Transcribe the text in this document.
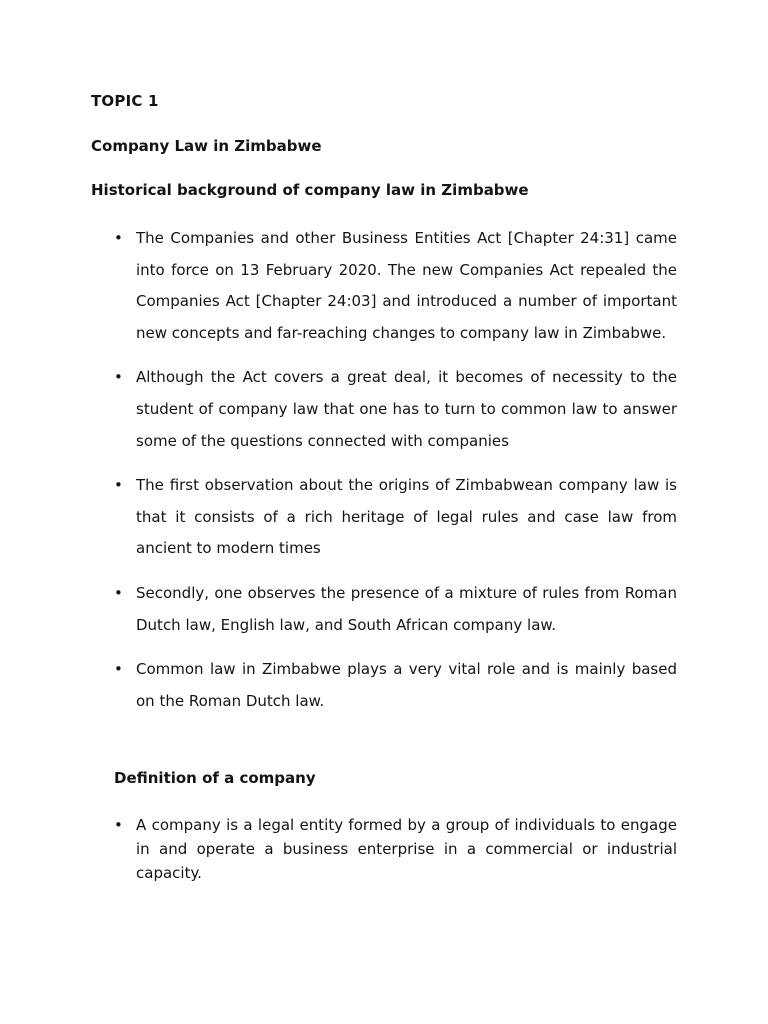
TOPIC 1
Company Law in Zimbabwe
Historical background of company law in Zimbabwe
• The Companies and other Business Entities Act [Chapter 24:31] came into force on 13 February 2020. The new Companies Act repealed the Companies Act [Chapter 24:03] and introduced a number of important new concepts and far-reaching changes to company law in Zimbabwe.
• Although the Act covers a great deal, it becomes of necessity to the student of company law that one has to turn to common law to answer some of the questions connected with companies
• The first observation about the origins of Zimbabwean company law is that it consists of a rich heritage of legal rules and case law from ancient to modern times
• Secondly, one observes the presence of a mixture of rules from Roman Dutch law, English law, and South African company law.
• Common law in Zimbabwe plays a very vital role and is mainly based on the Roman Dutch law.
Definition of a company
• A company is a legal entity formed by a group of individuals to engage in and operate a business enterprise in a commercial or industrial capacity.
